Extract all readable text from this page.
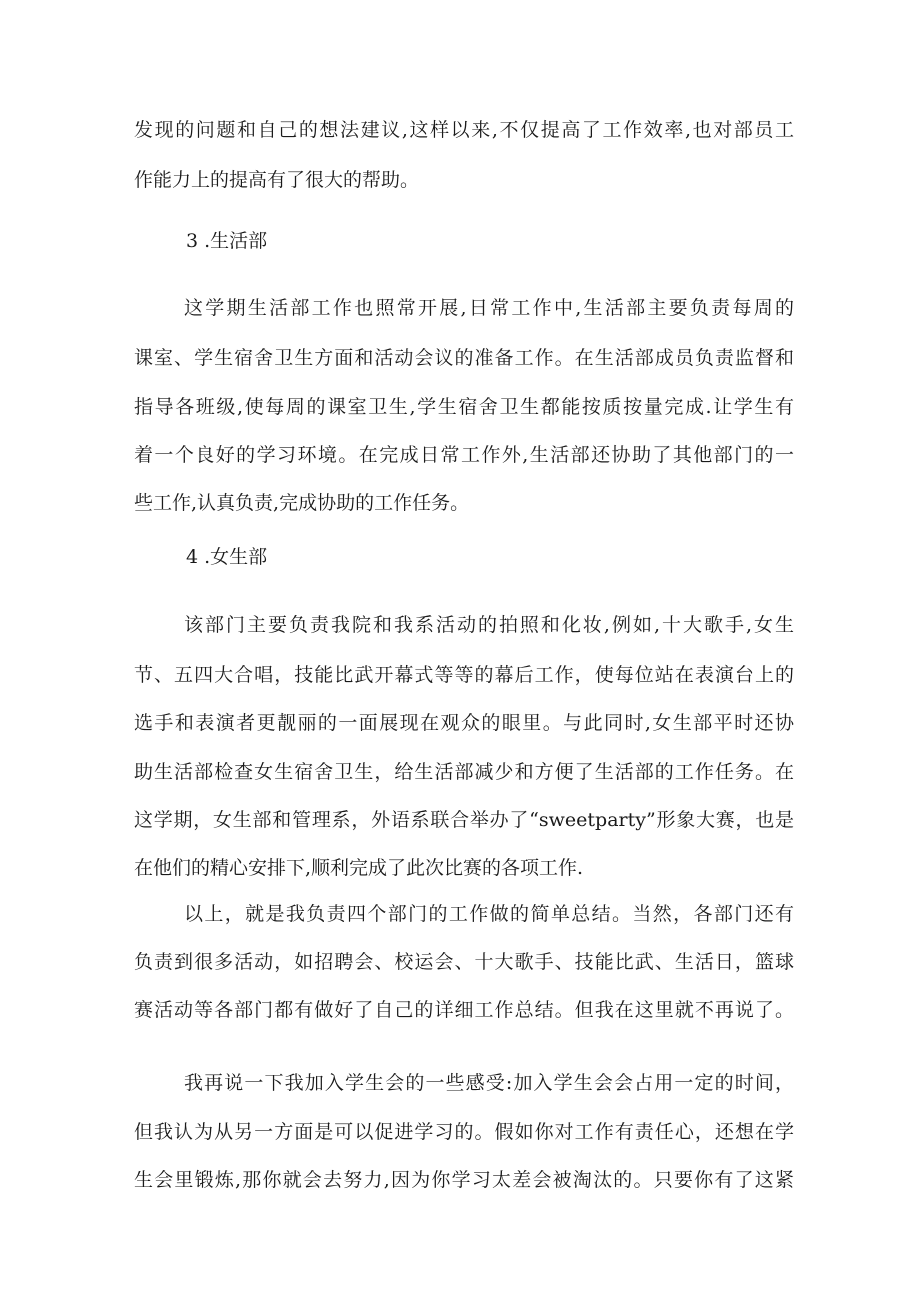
发现的问题和自己的想法建议,这样以来,不仅提高了工作效率,也对部员工

作能力上的提高有了很大的帮助。

3 .生活部

这学期生活部工作也照常开展,日常工作中,生活部主要负责每周的

课室、学生宿舍卫生方面和活动会议的准备工作。在生活部成员负责监督和

指导各班级,使每周的课室卫生,学生宿舍卫生都能按质按量完成.让学生有

着一个良好的学习环境。在完成日常工作外,生活部还协助了其他部门的一

些工作,认真负责,完成协助的工作任务。

4 .女生部

该部门主要负责我院和我系活动的拍照和化妆,例如,十大歌手,女生

节、五四大合唱，技能比武开幕式等等的幕后工作，使每位站在表演台上的

选手和表演者更靓丽的一面展现在观众的眼里。与此同时,女生部平时还协

助生活部检查女生宿舍卫生，给生活部减少和方便了生活部的工作任务。在

这学期，女生部和管理系，外语系联合举办了“sweetparty”形象大赛，也是

在他们的精心安排下,顺利完成了此次比赛的各项工作.

以上，就是我负责四个部门的工作做的简单总结。当然，各部门还有

负责到很多活动，如招聘会、校运会、十大歌手、技能比武、生活日，篮球

赛活动等各部门都有做好了自己的详细工作总结。但我在这里就不再说了。

我再说一下我加入学生会的一些感受:加入学生会会占用一定的时间，

但我认为从另一方面是可以促进学习的。假如你对工作有责任心，还想在学

生会里锻炼,那你就会去努力,因为你学习太差会被淘汰的。只要你有了这紧
